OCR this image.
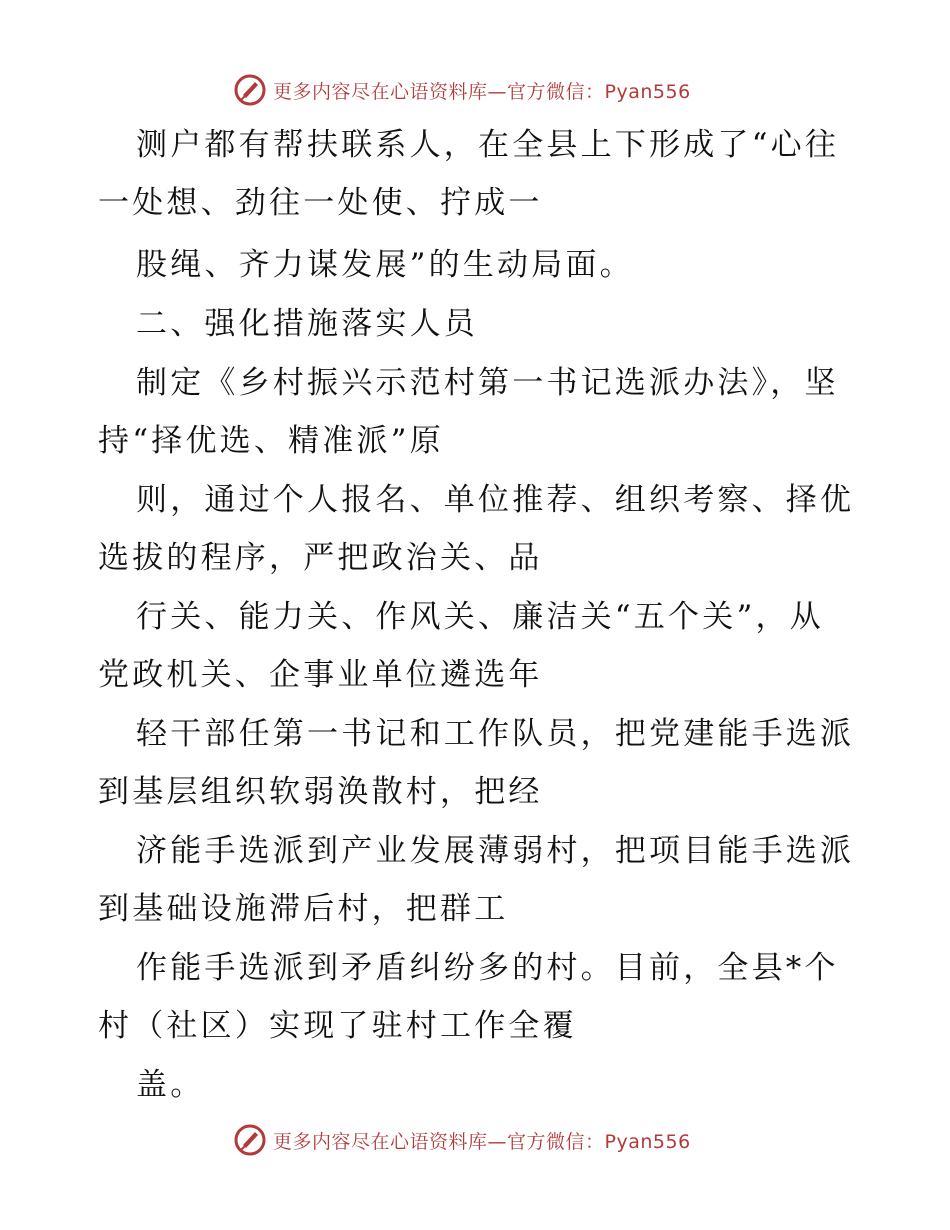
更多内容尽在心语资料库—官方微信：Pyan556
测户都有帮扶联系人，在全县上下形成了“心往
一处想、劲往一处使、拧成一
股绳、齐力谋发展”的生动局面。
二、强化措施落实人员
制定《乡村振兴示范村第一书记选派办法》，坚
持“择优选、精准派”原
则，通过个人报名、单位推荐、组织考察、择优
选拔的程序，严把政治关、品
行关、能力关、作风关、廉洁关“五个关”，从
党政机关、企事业单位遴选年
轻干部任第一书记和工作队员，把党建能手选派
到基层组织软弱涣散村，把经
济能手选派到产业发展薄弱村，把项目能手选派
到基础设施滞后村，把群工
作能手选派到矛盾纠纷多的村。目前，全县*个
村（社区）实现了驻村工作全覆
盖。
更多内容尽在心语资料库—官方微信：Pyan556
